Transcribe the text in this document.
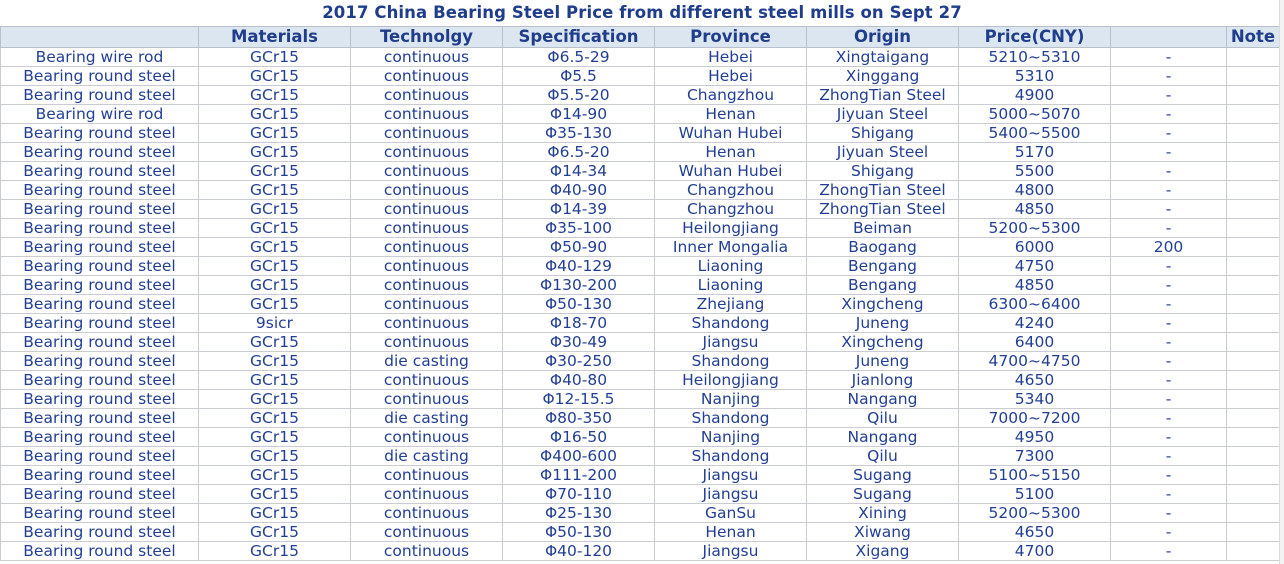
2017 China Bearing Steel Price from different steel mills on Sept 27
	Materials	Technolgy	Specification	Province	Origin	Price(CNY)		Note
Bearing wire rod	GCr15	continuous	Φ6.5-29	Hebei	Xingtaigang	5210~5310	-	
Bearing round steel	GCr15	continuous	Φ5.5	Hebei	Xinggang	5310	-	
Bearing round steel	GCr15	continuous	Φ5.5-20	Changzhou	ZhongTian Steel	4900	-	
Bearing wire rod	GCr15	continuous	Φ14-90	Henan	Jiyuan Steel	5000~5070	-	
Bearing round steel	GCr15	continuous	Φ35-130	Wuhan Hubei	Shigang	5400~5500	-	
Bearing round steel	GCr15	continuous	Φ6.5-20	Henan	Jiyuan Steel	5170	-	
Bearing round steel	GCr15	continuous	Φ14-34	Wuhan Hubei	Shigang	5500	-	
Bearing round steel	GCr15	continuous	Φ40-90	Changzhou	ZhongTian Steel	4800	-	
Bearing round steel	GCr15	continuous	Φ14-39	Changzhou	ZhongTian Steel	4850	-	
Bearing round steel	GCr15	continuous	Φ35-100	Heilongjiang	Beiman	5200~5300	-	
Bearing round steel	GCr15	continuous	Φ50-90	Inner Mongalia	Baogang	6000	200	
Bearing round steel	GCr15	continuous	Φ40-129	Liaoning	Bengang	4750	-	
Bearing round steel	GCr15	continuous	Φ130-200	Liaoning	Bengang	4850	-	
Bearing round steel	GCr15	continuous	Φ50-130	Zhejiang	Xingcheng	6300~6400	-	
Bearing round steel	9sicr	continuous	Φ18-70	Shandong	Juneng	4240	-	
Bearing round steel	GCr15	continuous	Φ30-49	Jiangsu	Xingcheng	6400	-	
Bearing round steel	GCr15	die casting	Φ30-250	Shandong	Juneng	4700~4750	-	
Bearing round steel	GCr15	continuous	Φ40-80	Heilongjiang	Jianlong	4650	-	
Bearing round steel	GCr15	continuous	Φ12-15.5	Nanjing	Nangang	5340	-	
Bearing round steel	GCr15	die casting	Φ80-350	Shandong	Qilu	7000~7200	-	
Bearing round steel	GCr15	continuous	Φ16-50	Nanjing	Nangang	4950	-	
Bearing round steel	GCr15	die casting	Φ400-600	Shandong	Qilu	7300	-	
Bearing round steel	GCr15	continuous	Φ111-200	Jiangsu	Sugang	5100~5150	-	
Bearing round steel	GCr15	continuous	Φ70-110	Jiangsu	Sugang	5100	-	
Bearing round steel	GCr15	continuous	Φ25-130	GanSu	Xining	5200~5300	-	
Bearing round steel	GCr15	continuous	Φ50-130	Henan	Xiwang	4650	-	
Bearing round steel	GCr15	continuous	Φ40-120	Jiangsu	Xigang	4700	-	
